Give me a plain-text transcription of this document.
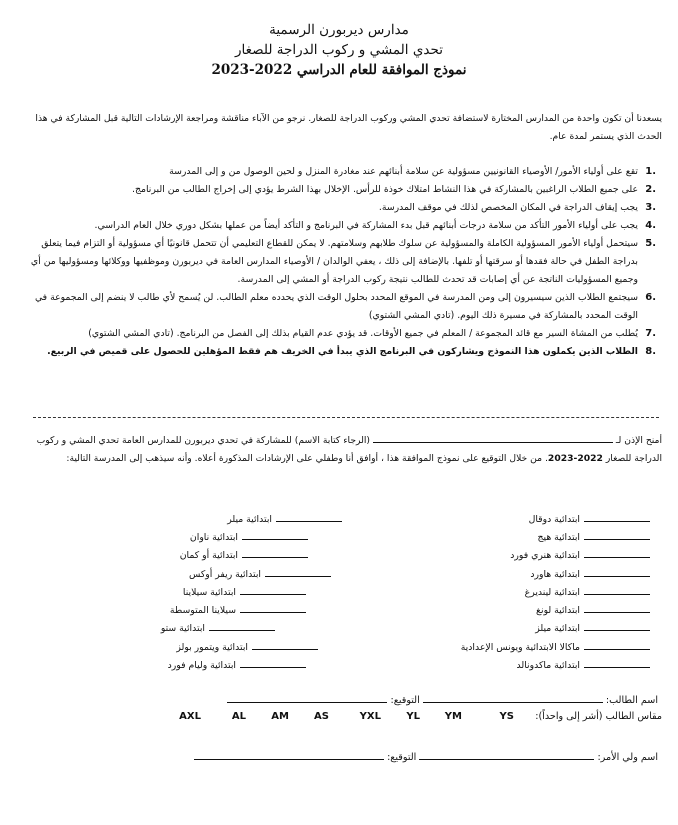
مدارس ديربورن الرسمية
تحدي المشي و ركوب الدراجة للصغار
نموذج الموافقة للعام الدراسي 2022-2023
يسعدنا أن تكون واحدة من المدارس المختارة لاستضافة تحدي المشي وركوب الدراجة للصغار. نرجو من الآباء مناقشة ومراجعة الإرشادات التالية قبل المشاركة في هذا الحدث الذي يستمر لمدة عام.
.1
تقع على أولياء الأمور/ الأوصياء القانونيين مسؤولية عن سلامة أبنائهم عند مغادرة المنزل و لحين الوصول من و إلى المدرسة
.2
على جميع الطلاب الراغبين بالمشاركة في هذا النشاط امتلاك خوذة للرأس. الإخلال بهذا الشرط يؤدي إلى إخراج الطالب من البرنامج.
.3
يجب إيقاف الدراجة في المكان المخصص لذلك في موقف المدرسة.
.4
يجب على أولياء الأمور التأكد من سلامة درجات أبنائهم قبل بدء المشاركة في البرنامج و التأكد أيضاً من عملها بشكل دوري خلال العام الدراسي.
.5
سيتحمل أولياء الأمور المسؤولية الكاملة والمسؤولية عن سلوك طلابهم وسلامتهم. لا يمكن للقطاع التعليمي أن تتحمل قانونيًا أي مسؤولية أو التزام فيما يتعلق بدراجة الطفل في حالة فقدها أو سرقتها أو تلفها. بالإضافة إلى ذلك ، يعفي الوالدان / الأوصياء المدارس العامة في ديربورن وموظفيها ووكلائها ومسؤوليها من أي وجميع المسؤوليات الناتجة عن أي إصابات قد تحدث للطالب نتيجة ركوب الدراجة أو المشي إلى المدرسة.
.6
سيجتمع الطلاب الذين سيسيرون إلى ومن المدرسة في الموقع المحدد بحلول الوقت الذي يحدده معلم الطالب. لن يُسمح لأي طالب لا ينضم إلى المجموعة في الوقت المحدد بالمشاركة في مسيرة ذلك اليوم. (تادي المشي الشتوي)
.7
يُطلب من المشاة السير مع قائد المجموعة / المعلم في جميع الأوقات. قد يؤدي عدم القيام بذلك إلى الفصل من البرنامج. (تادي المشي الشتوي)
.8
الطلاب الذين يكملون هذا النموذج ويشاركون في البرنامج الذي يبدأ في الخريف هم فقط المؤهلين للحصول على قميص في الربيع.
أمنح الإذن لـ  (الرجاء كتابة الاسم) للمشاركة في تحدي ديربورن للمدارس العامة تحدي المشي و ركوب الدراجة للصغار 2022-2023. من خلال التوقيع على نموذج الموافقة هذا ، أوافق أنا وطفلي على الإرشادات المذكورة أعلاه. وأنه سيذهب إلى المدرسة التالية:
ابتدائية دوقال
ابتدائية هيج
ابتدائية هنري فورد
ابتدائية هاورد
ابتدائية لينديرغ
ابتدائية لونغ
ابتدائية ميلز
ماكالا الابتدائية ويونس الإعدادية
ابتدائية ماكدونالد
ابتدائية ميلر
ابتدائية ناوان
ابتدائية أو كمان
ابتدائية ريفر أوكس
ابتدائية سيلاينا
سيلاينا المتوسطة
ابتدائية ستو
ابتدائية ويتمور بولز
ابتدائية وليام فورد
اسم الطالب:  التوقيع:
مقاس الطالب (أشر إلى واحداً):
YS
YM
YL
YXL
AS
AM
AL
AXL
اسم ولي الأمر:  التوقيع:
